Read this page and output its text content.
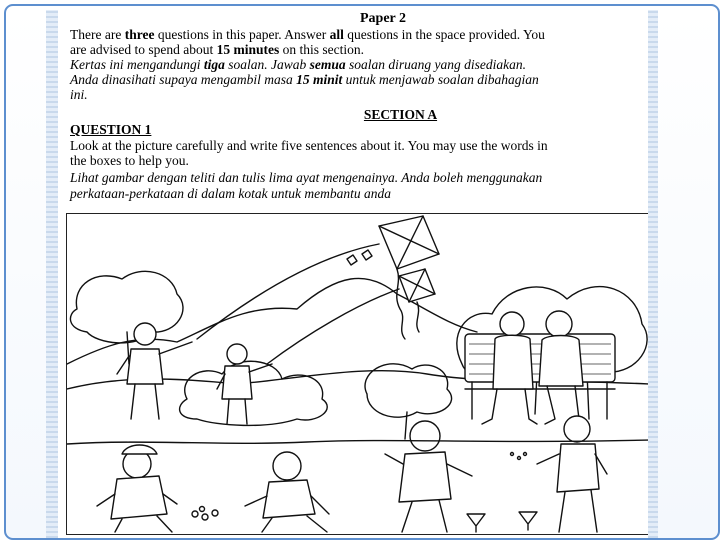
Paper 2
There are three questions in this paper. Answer all questions in the space provided. You
are advised to spend about 15 minutes on this section.
Kertas ini mengandungi tiga soalan. Jawab semua soalan diruang yang disediakan.
Anda dinasihati supaya mengambil masa 15 minit untuk menjawab soalan dibahagian
ini.
SECTION A
QUESTION 1
Look at the picture carefully and write five sentences about it. You may use the words in
the boxes to help you.
Lihat gambar dengan teliti dan tulis lima ayat mengenainya. Anda boleh menggunakan
perkataan-perkataan di dalam kotak untuk membantu anda
